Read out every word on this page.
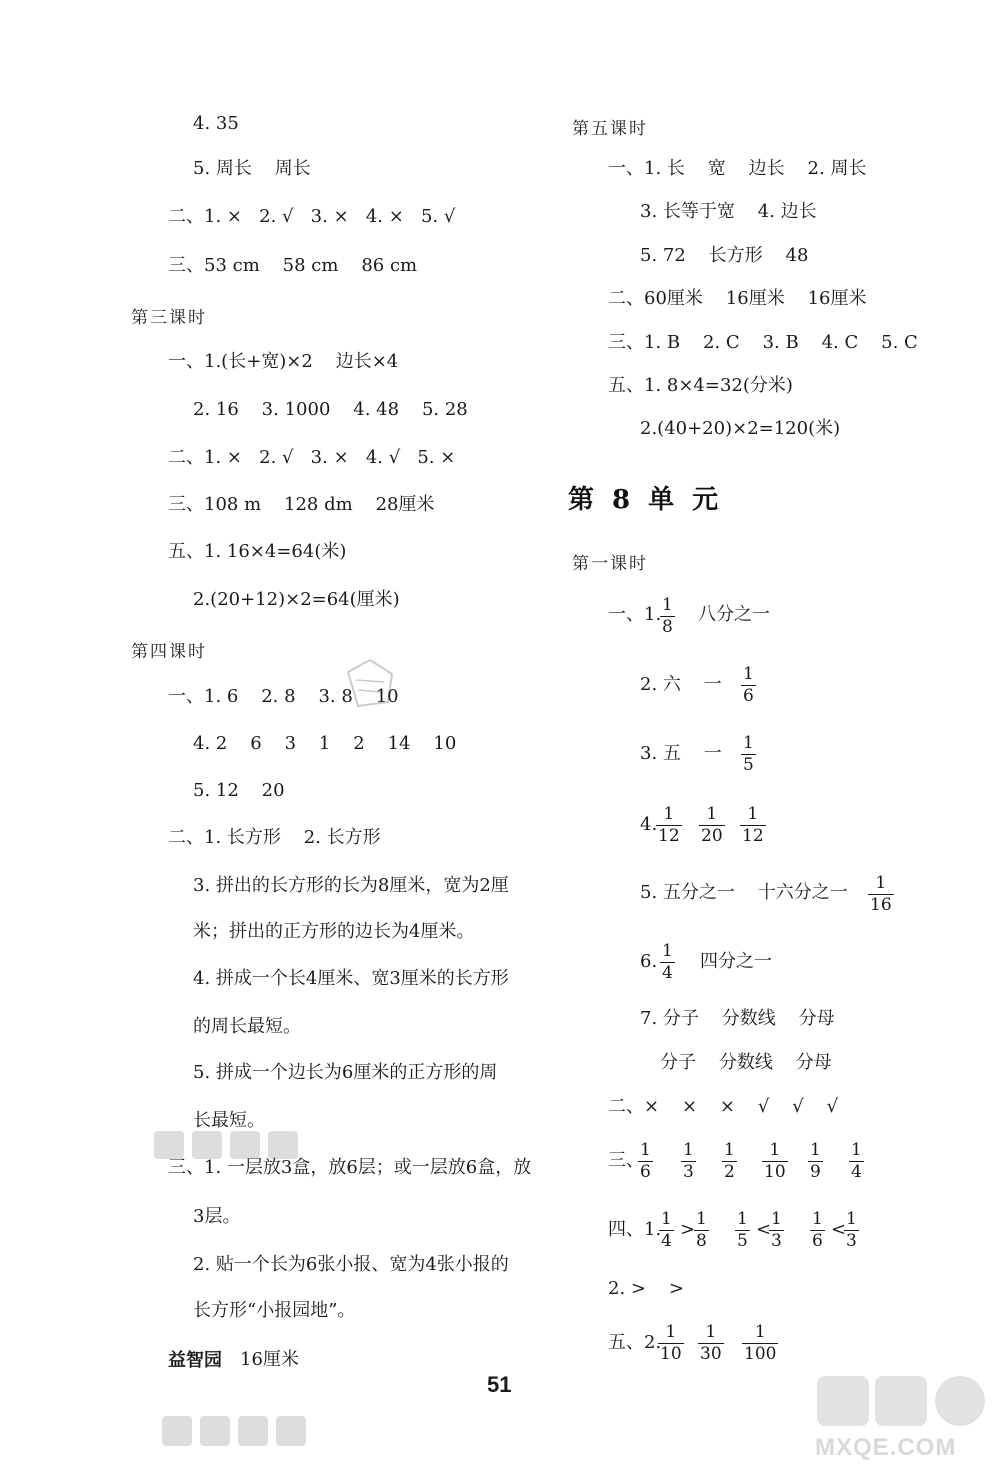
4. 35
5. 周长    周长
二、1. ×   2. √   3. ×   4. ×   5. √
三、53 cm    58 cm    86 cm
第三课时
一、1.(长+宽)×2    边长×4
2. 16    3. 1000    4. 48    5. 28
二、1. ×   2. √   3. ×   4. √   5. ×
三、108 m    128 dm    28厘米
五、1. 16×4=64(米)
2.(20+12)×2=64(厘米)
第四课时
一、1. 6    2. 8    3. 8    10
4. 2    6    3    1    2    14    10
5. 12    20
二、1. 长方形    2. 长方形
3. 拼出的长方形的长为8厘米，宽为2厘
米；拼出的正方形的边长为4厘米。
4. 拼成一个长4厘米、宽3厘米的长方形
的周长最短。
5. 拼成一个边长为6厘米的正方形的周
长最短。
三、1. 一层放3盒，放6层；或一层放6盒，放
3层。
2. 贴一个长为6张小报、宽为4张小报的
长方形“小报园地”。
益智园 16厘米
第五课时
一、1. 长    宽    边长    2. 周长
3. 长等于宽    4. 边长
5. 72    长方形    48
二、60厘米    16厘米    16厘米
三、1. B    2. C    3. B    4. C    5. C
五、1. 8×4=32(分米)
2.(40+20)×2=120(米)
第8单元
第一课时
一、1. 1
8
八分之一
2. 六    一 1
6
3. 五    一 1
5
4. 1
12
1
20
1
12
5. 五分之一    十六分之一 1
16
6. 1
4
四分之一
7. 分子    分数线    分母
分子    分数线    分母
二、×    ×    ×    √    √    √
三、
1
6
1
3
1
2
1
10
1
9
1
4
四、1. 1
4
> 1
8
1
5
< 1
3
1
6
< 1
3
2. >    >
五、2. 1
10
1
30
1
100
51
MXQE.COM
